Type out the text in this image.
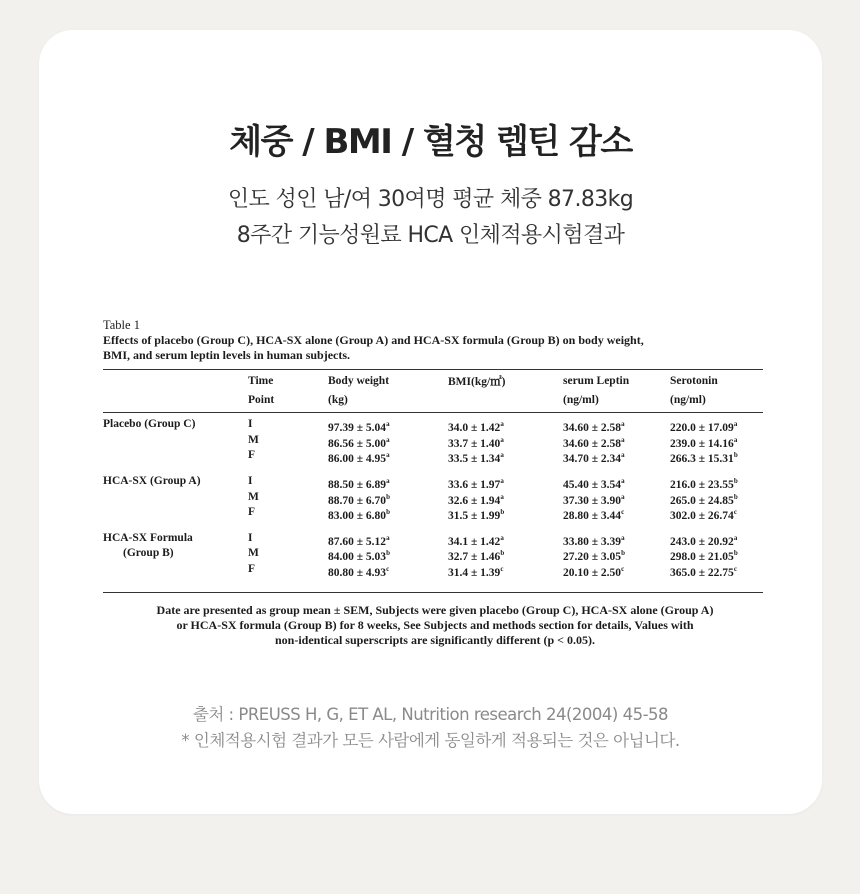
체중 / BMI / 혈청 렙틴 감소
인도 성인 남/여 30여명 평균 체중 87.83kg
8주간 기능성원료 HCA 인체적용시험결과
Table 1
Effects of placebo (Group C), HCA-SX alone (Group A) and HCA-SX formula (Group B) on body weight,
BMI, and serum leptin levels in human subjects.
	Time	Body weight	BMI(kg/㎡)	serum Leptin	Serotonin
	Point	(kg)		(ng/ml)	(ng/ml)
Placebo (Group C)	I	97.39 ± 5.04$^a$	34.0 ± 1.42$^a$	34.60 ± 2.58$^a$	220.0 ± 17.09$^a$
	M	86.56 ± 5.00$^a$	33.7 ± 1.40$^a$	34.60 ± 2.58$^a$	239.0 ± 14.16$^a$
	F	86.00 ± 4.95$^a$	33.5 ± 1.34$^a$	34.70 ± 2.34$^a$	266.3 ± 15.31$^b$
HCA-SX (Group A)	I	88.50 ± 6.89$^a$	33.6 ± 1.97$^a$	45.40 ± 3.54$^a$	216.0 ± 23.55$^b$
	M	88.70 ± 6.70$^b$	32.6 ± 1.94$^a$	37.30 ± 3.90$^a$	265.0 ± 24.85$^b$
	F	83.00 ± 6.80$^b$	31.5 ± 1.99$^b$	28.80 ± 3.44$^c$	302.0 ± 26.74$^c$
HCA-SX Formula	I	87.60 ± 5.12$^a$	34.1 ± 1.42$^a$	33.80 ± 3.39$^a$	243.0 ± 20.92$^a$
(Group B)	M	84.00 ± 5.03$^b$	32.7 ± 1.46$^b$	27.20 ± 3.05$^b$	298.0 ± 21.05$^b$
	F	80.80 ± 4.93$^c$	31.4 ± 1.39$^c$	20.10 ± 2.50$^c$	365.0 ± 22.75$^c$
Date are presented as group mean ± SEM, Subjects were given placebo (Group C), HCA-SX alone (Group A)
or HCA-SX formula (Group B) for 8 weeks, See Subjects and methods section for details, Values with
non-identical superscripts are significantly different (p < 0.05).
출처 : PREUSS H, G, ET AL, Nutrition research 24(2004) 45-58
* 인체적용시험 결과가 모든 사람에게 동일하게 적용되는 것은 아닙니다.
